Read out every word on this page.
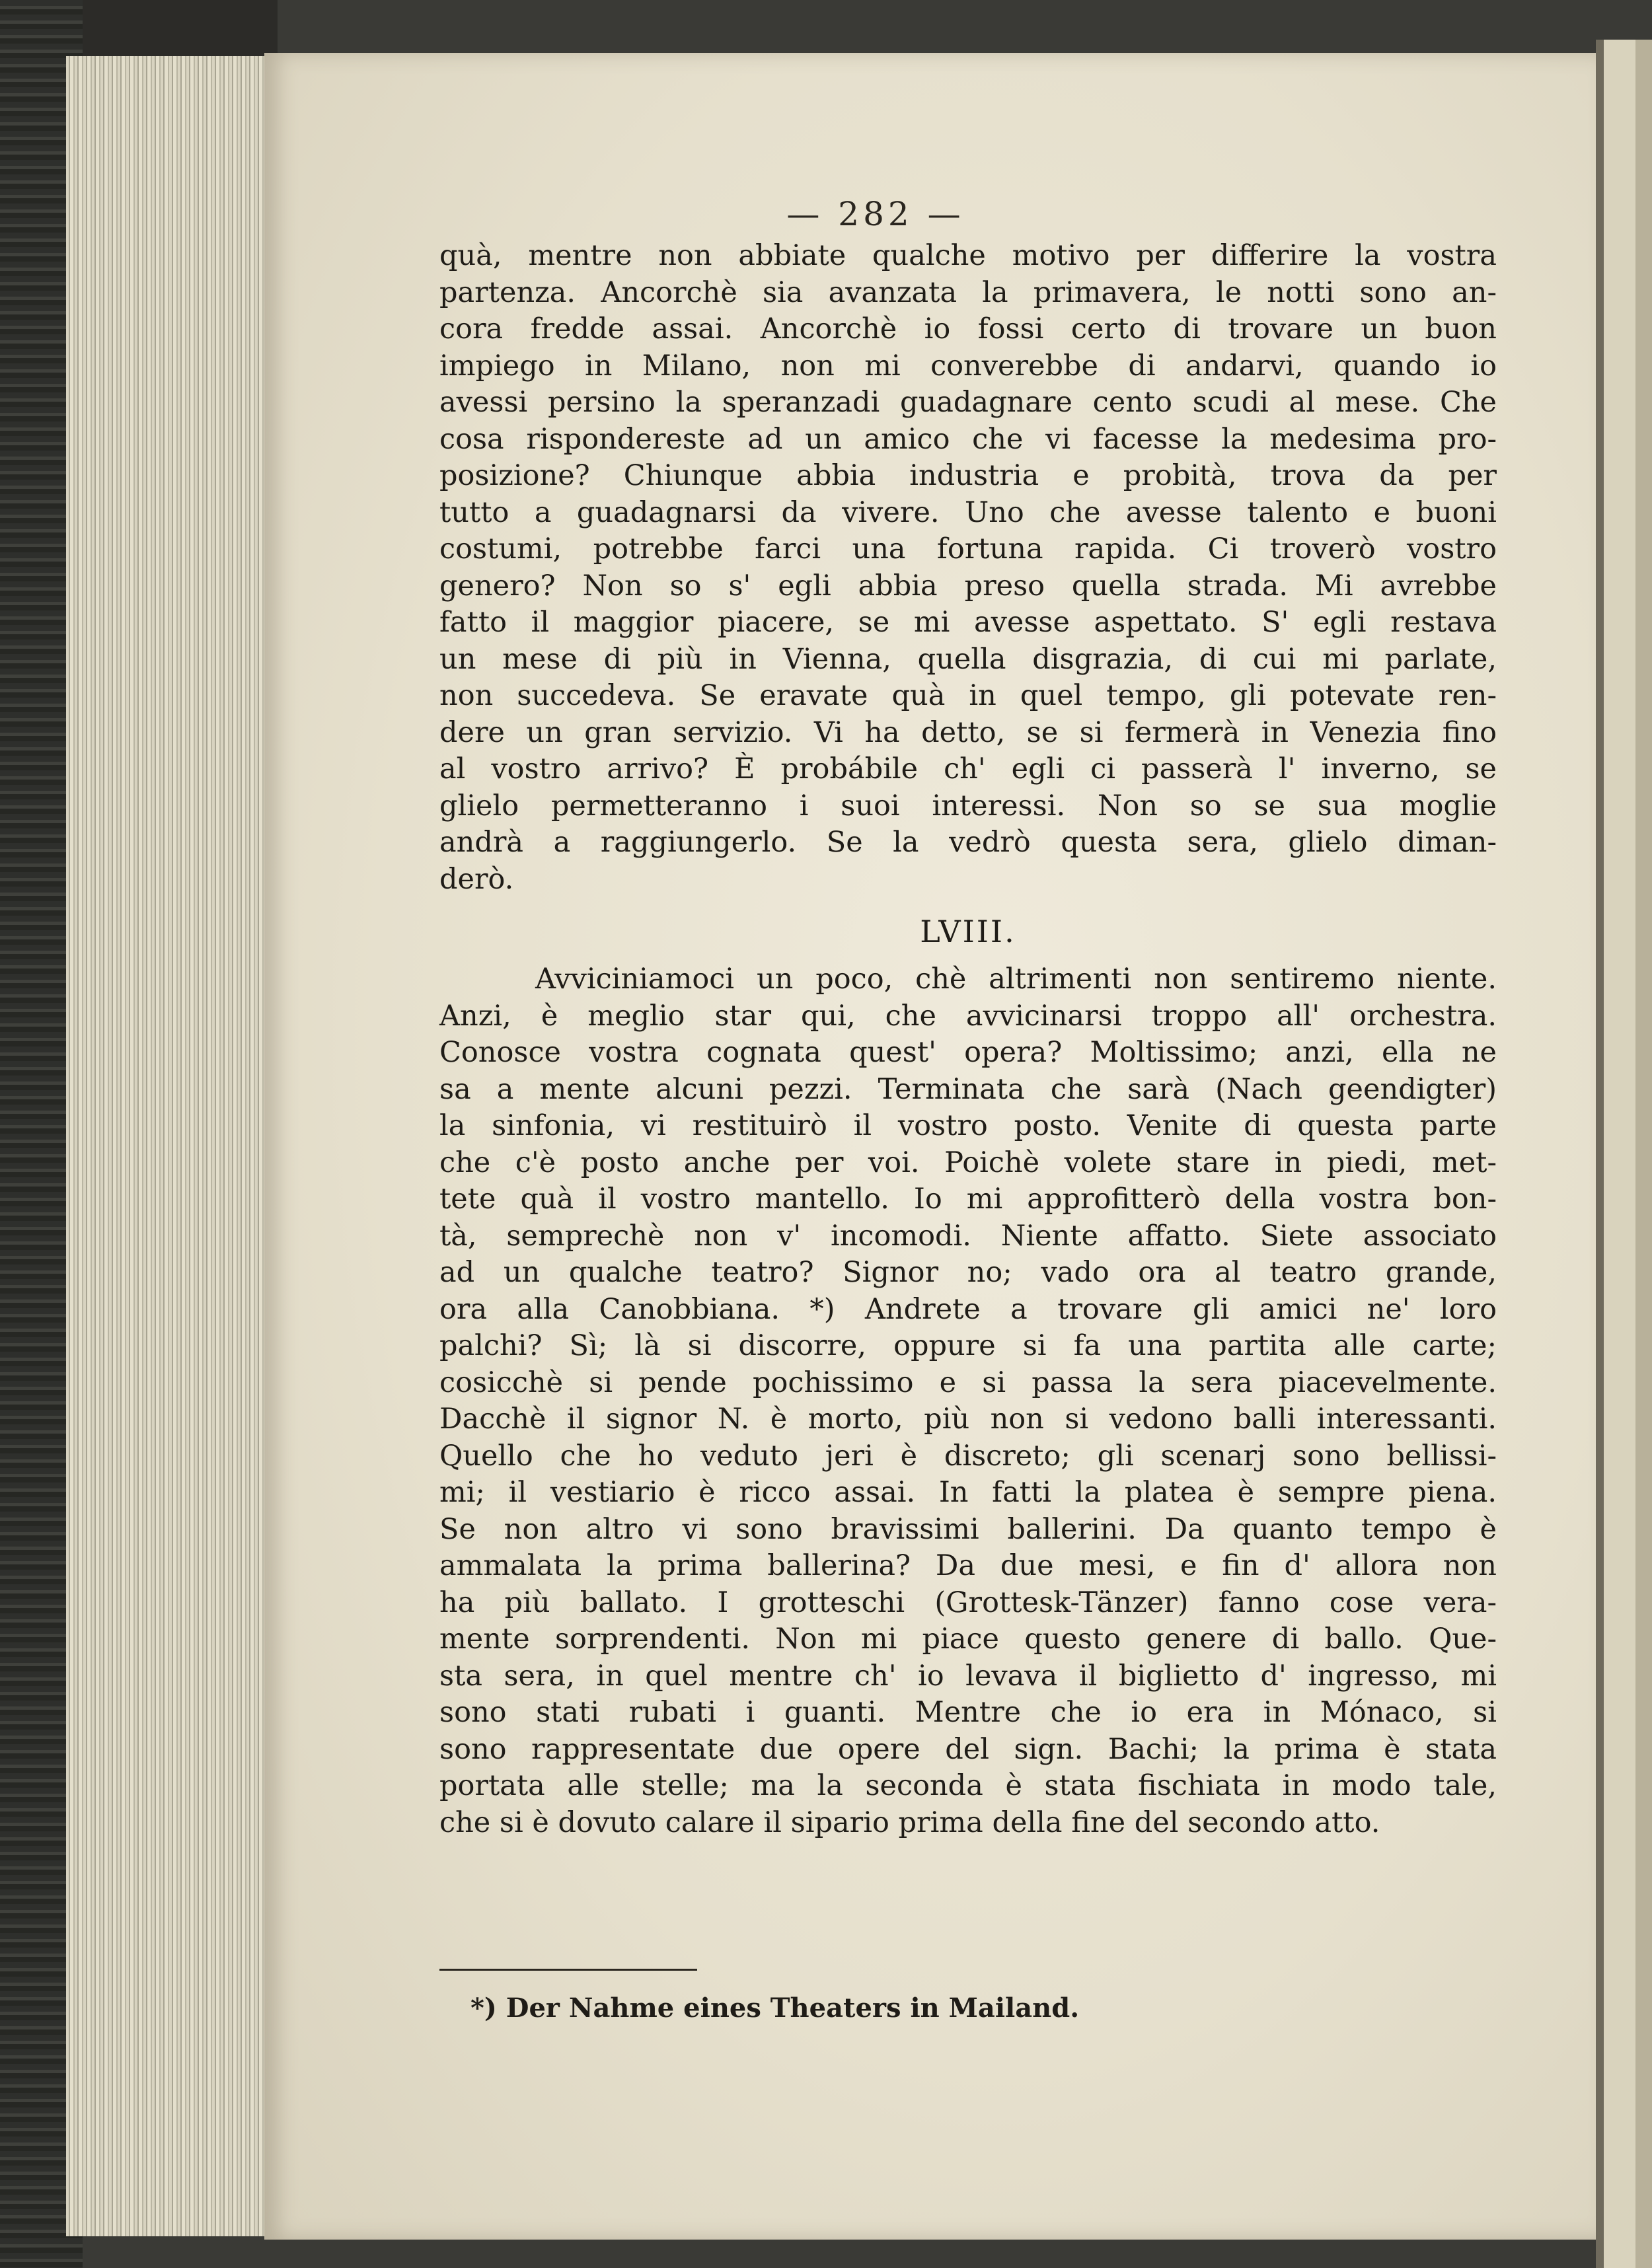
— 282 —
quà, mentre non abbiate qualche motivo per differire la vostra
partenza. Ancorchè sia avanzata la primavera, le notti sono an-
cora fredde assai. Ancorchè io fossi certo di trovare un buon
impiego in Milano, non mi converebbe di andarvi, quando io
avessi persino la speranzadi guadagnare cento scudi al mese. Che
cosa rispondereste ad un amico che vi facesse la medesima pro-
posizione? Chiunque abbia industria e probità, trova da per
tutto a guadagnarsi da vivere. Uno che avesse talento e buoni
costumi, potrebbe farci una fortuna rapida. Ci troverò vostro
genero? Non so s' egli abbia preso quella strada. Mi avrebbe
fatto il maggior piacere, se mi avesse aspettato. S' egli restava
un mese di più in Vienna, quella disgrazia, di cui mi parlate,
non succedeva. Se eravate quà in quel tempo, gli potevate ren-
dere un gran servizio. Vi ha detto, se si fermerà in Venezia fino
al vostro arrivo? È probábile ch' egli ci passerà l' inverno, se
glielo permetteranno i suoi interessi. Non so se sua moglie
andrà a raggiungerlo. Se la vedrò questa sera, glielo diman-
derò.
LVIII.
Avviciniamoci un poco, chè altrimenti non sentiremo niente.
Anzi, è meglio star qui, che avvicinarsi troppo all' orchestra.
Conosce vostra cognata quest' opera? Moltissimo; anzi, ella ne
sa a mente alcuni pezzi. Terminata che sarà (Nach geendigter)
la sinfonia, vi restituirò il vostro posto. Venite di questa parte
che c'è posto anche per voi. Poichè volete stare in piedi, met-
tete quà il vostro mantello. Io mi approfitterò della vostra bon-
tà, semprechè non v' incomodi. Niente affatto. Siete associato
ad un qualche teatro? Signor no; vado ora al teatro grande,
ora alla Canobbiana. *) Andrete a trovare gli amici ne' loro
palchi? Sì; là si discorre, oppure si fa una partita alle carte;
cosicchè si pende pochissimo e si passa la sera piacevelmente.
Dacchè il signor N. è morto, più non si vedono balli interessanti.
Quello che ho veduto jeri è discreto; gli scenarj sono bellissi-
mi; il vestiario è ricco assai. In fatti la platea è sempre piena.
Se non altro vi sono bravissimi ballerini. Da quanto tempo è
ammalata la prima ballerina? Da due mesi, e fin d' allora non
ha più ballato. I grotteschi (Grottesk-Tänzer) fanno cose vera-
mente sorprendenti. Non mi piace questo genere di ballo. Que-
sta sera, in quel mentre ch' io levava il biglietto d' ingresso, mi
sono stati rubati i guanti. Mentre che io era in Mónaco, si
sono rappresentate due opere del sign. Bachi; la prima è stata
portata alle stelle; ma la seconda è stata fischiata in modo tale,
che si è dovuto calare il sipario prima della fine del secondo atto.
*) Der Nahme eines Theaters in Mailand.
